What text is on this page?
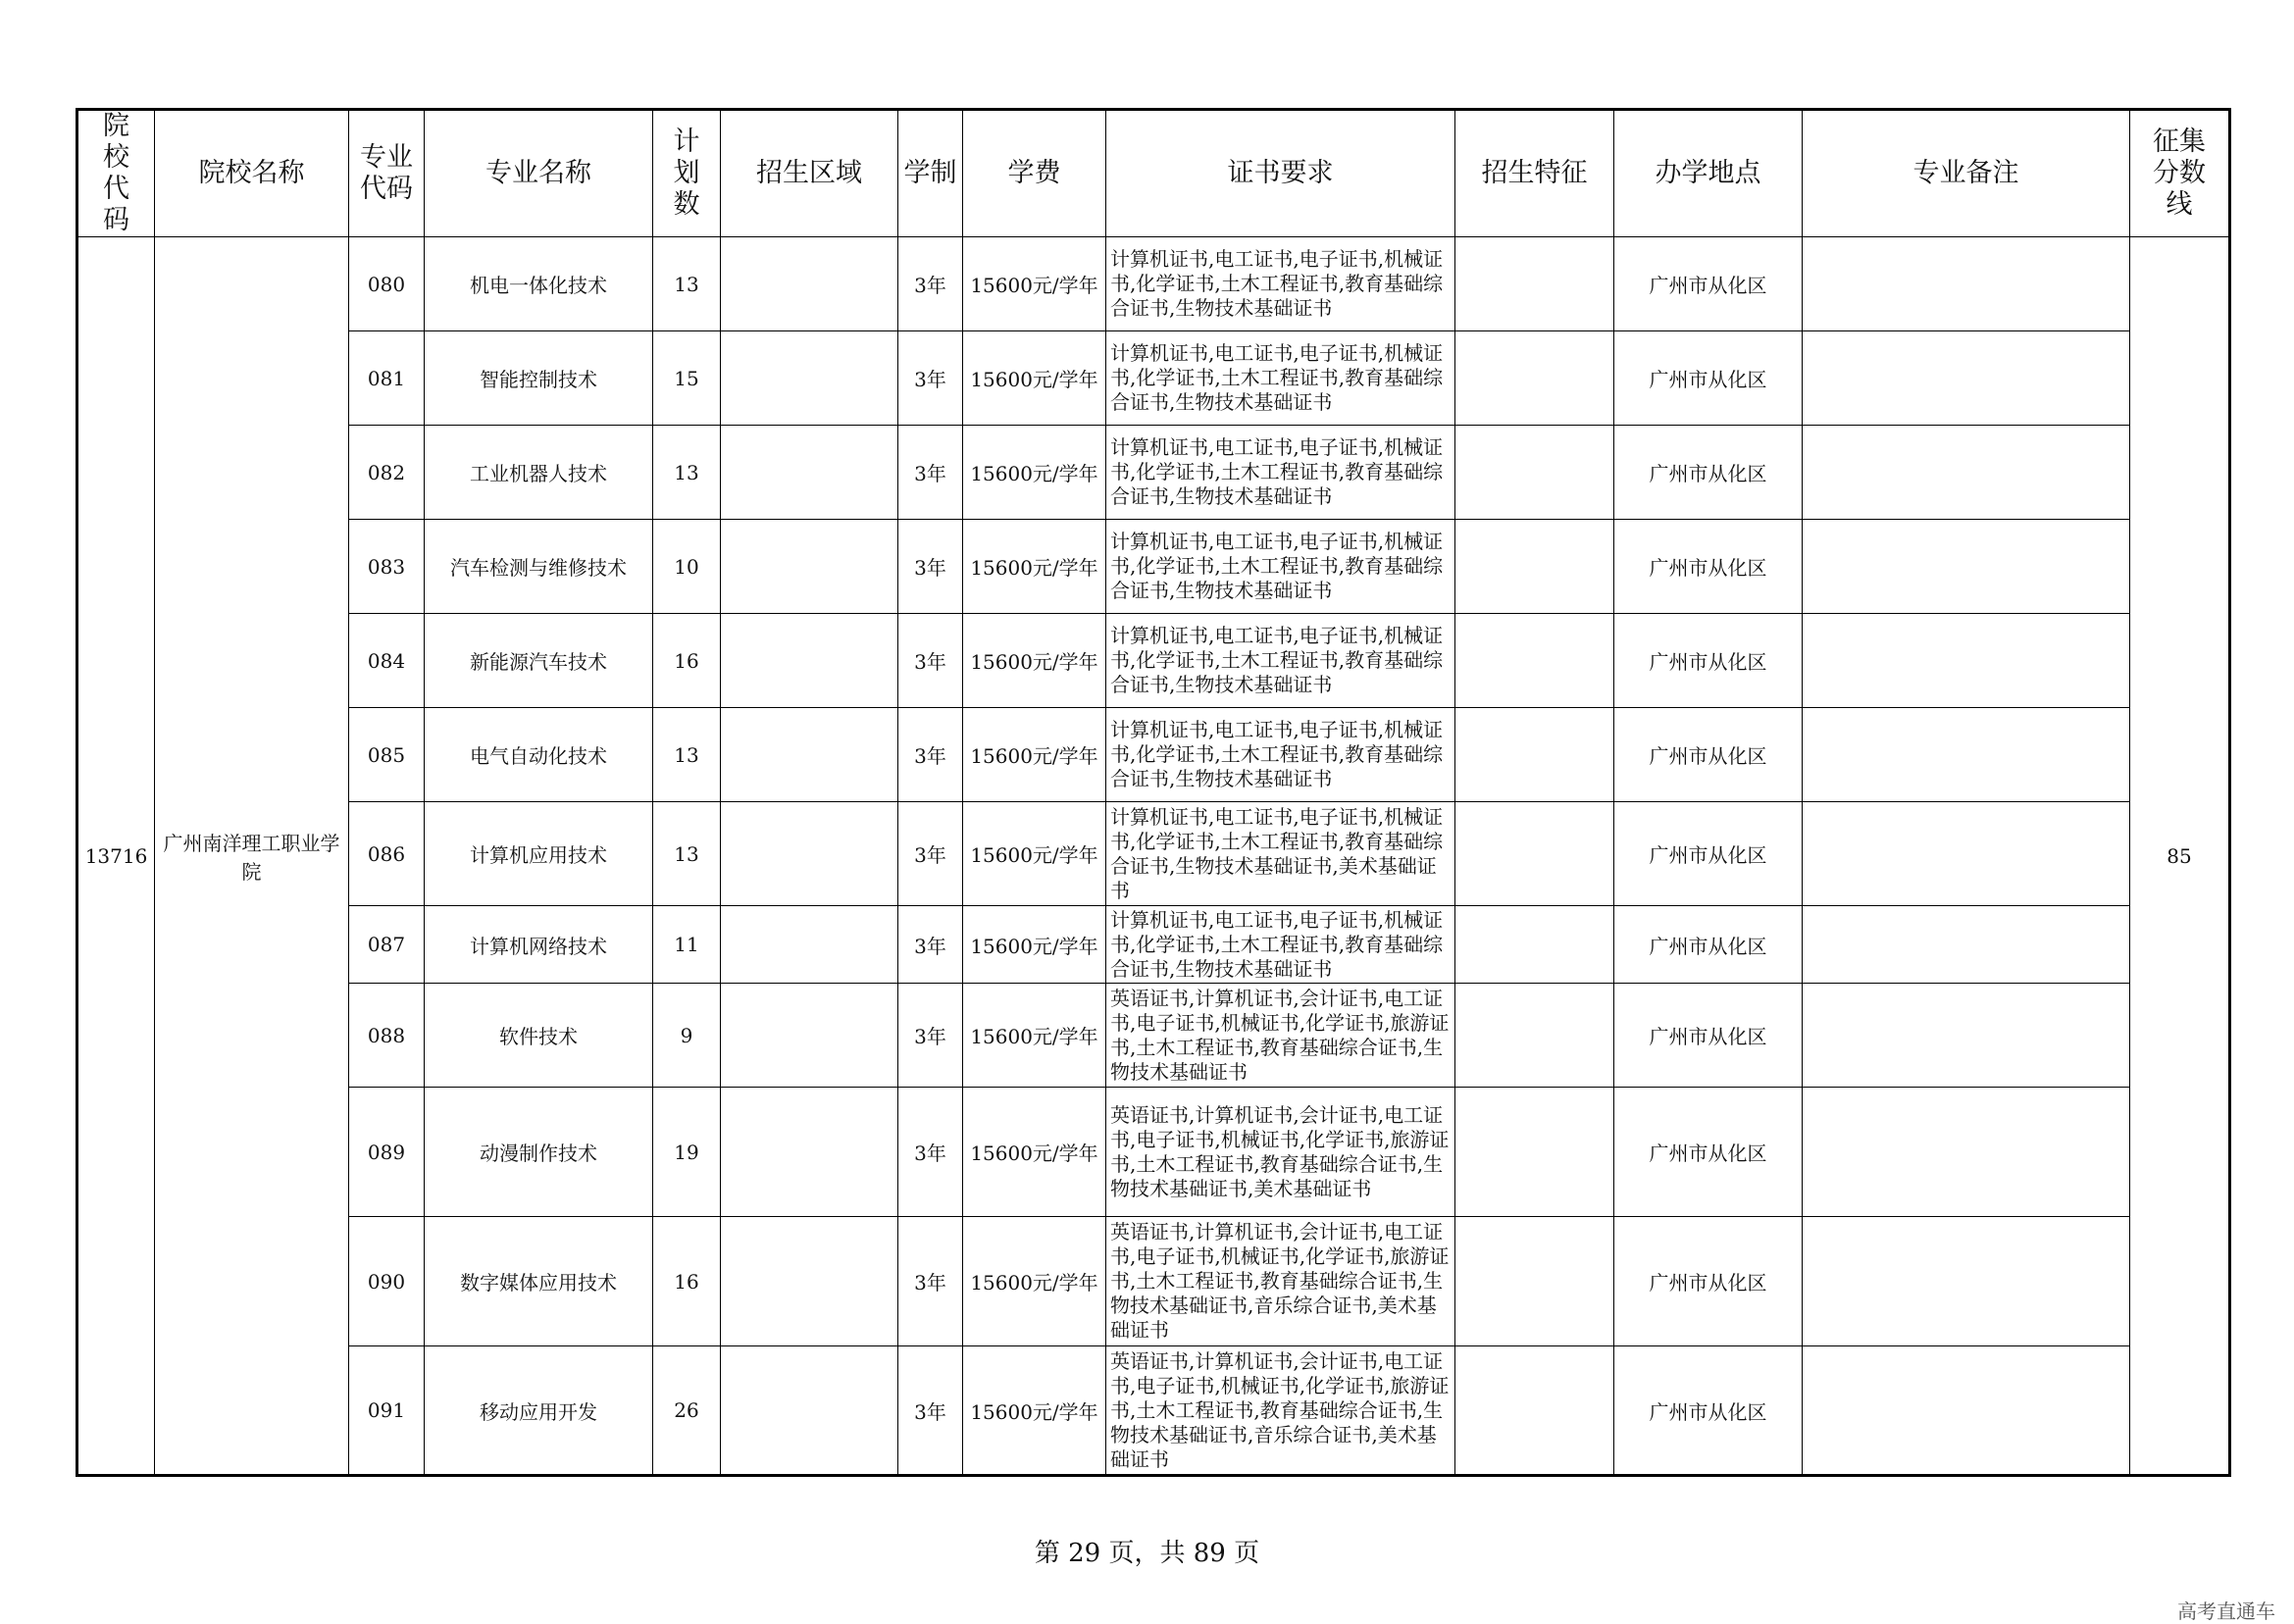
院校代码	院校名称	专业代码	专业名称	计划数	招生区域	学制	学费	证书要求	招生特征	办学地点	专业备注	征集分数线
13716	广州南洋理工职业学院	080	机电一体化技术	13		3年	15600元/学年	计算机证书,电工证书,电子证书,机械证书,化学证书,土木工程证书,教育基础综合证书,生物技术基础证书		广州市从化区		85
		081	智能控制技术	15		3年	15600元/学年	计算机证书,电工证书,电子证书,机械证书,化学证书,土木工程证书,教育基础综合证书,生物技术基础证书		广州市从化区		
		082	工业机器人技术	13		3年	15600元/学年	计算机证书,电工证书,电子证书,机械证书,化学证书,土木工程证书,教育基础综合证书,生物技术基础证书		广州市从化区		
		083	汽车检测与维修技术	10		3年	15600元/学年	计算机证书,电工证书,电子证书,机械证书,化学证书,土木工程证书,教育基础综合证书,生物技术基础证书		广州市从化区		
		084	新能源汽车技术	16		3年	15600元/学年	计算机证书,电工证书,电子证书,机械证书,化学证书,土木工程证书,教育基础综合证书,生物技术基础证书		广州市从化区		
		085	电气自动化技术	13		3年	15600元/学年	计算机证书,电工证书,电子证书,机械证书,化学证书,土木工程证书,教育基础综合证书,生物技术基础证书		广州市从化区		
		086	计算机应用技术	13		3年	15600元/学年	计算机证书,电工证书,电子证书,机械证书,化学证书,土木工程证书,教育基础综合证书,生物技术基础证书,美术基础证书		广州市从化区		
		087	计算机网络技术	11		3年	15600元/学年	计算机证书,电工证书,电子证书,机械证书,化学证书,土木工程证书,教育基础综合证书,生物技术基础证书		广州市从化区		
		088	软件技术	9		3年	15600元/学年	英语证书,计算机证书,会计证书,电工证书,电子证书,机械证书,化学证书,旅游证书,土木工程证书,教育基础综合证书,生物技术基础证书		广州市从化区		
		089	动漫制作技术	19		3年	15600元/学年	英语证书,计算机证书,会计证书,电工证书,电子证书,机械证书,化学证书,旅游证书,土木工程证书,教育基础综合证书,生物技术基础证书,美术基础证书		广州市从化区		
		090	数字媒体应用技术	16		3年	15600元/学年	英语证书,计算机证书,会计证书,电工证书,电子证书,机械证书,化学证书,旅游证书,土木工程证书,教育基础综合证书,生物技术基础证书,音乐综合证书,美术基础证书		广州市从化区		
		091	移动应用开发	26		3年	15600元/学年	英语证书,计算机证书,会计证书,电工证书,电子证书,机械证书,化学证书,旅游证书,土木工程证书,教育基础综合证书,生物技术基础证书,音乐综合证书,美术基础证书		广州市从化区		
第 29 页，共 89 页
高考直通车
